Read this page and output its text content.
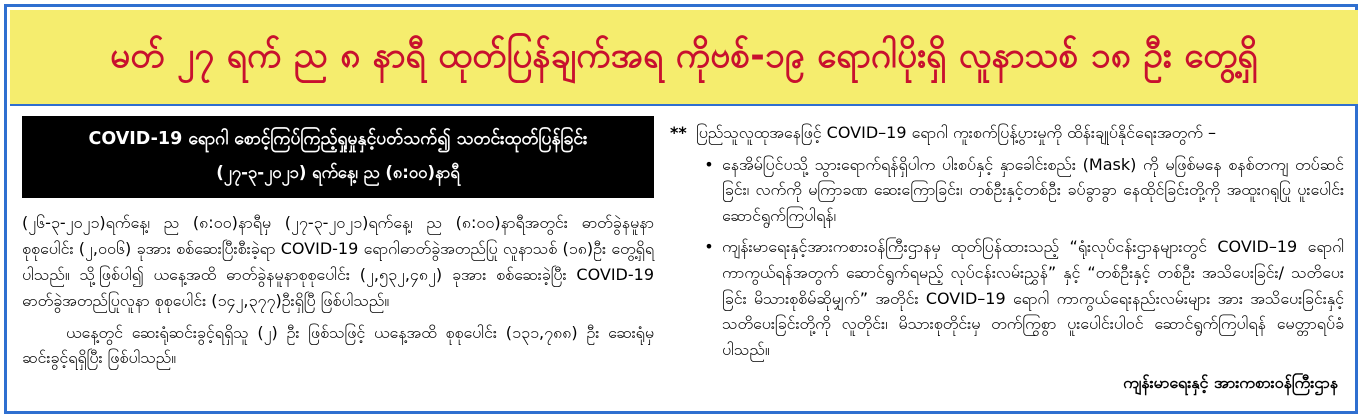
မတ် ၂၇ ရက် ည ၈ နာရီ ထုတ်ပြန်ချက်အရ ကိုဗစ်-၁၉ ရောဂါပိုးရှိ လူနာသစ် ၁၈ ဦး တွေ့ရှိ
COVID-19 ရောဂါ စောင့်ကြပ်ကြည့်ရှုမှုနှင့်ပတ်သက်၍ သတင်းထုတ်ပြန်ခြင်း
(၂၇-၃-၂၀၂၁) ရက်နေ့၊ ည (၈:၀၀)နာရီ

(၂၆-၃-၂၀၂၁)ရက်နေ့၊ ည (၈:၀၀)နာရီမှ (၂၇-၃-၂၀၂၁)ရက်နေ့၊ ည (၈:၀၀)နာရီအတွင်း ဓာတ်ခွဲနမူနာ စုစုပေါင်း (၂,၀၀၆) ခုအား စစ်ဆေးပြီးစီးခဲ့ရာ COVID-19 ရောဂါဓာတ်ခွဲအတည်ပြု လူနာသစ် (၁၈)ဦး တွေ့ရှိရပါသည်။ သို့ဖြစ်ပါ၍ ယနေ့အထိ ဓာတ်ခွဲနမူနာစုစုပေါင်း (၂,၅၃၂,၄၈၂) ခုအား စစ်ဆေးခဲ့ပြီး COVID-19 ဓာတ်ခွဲအတည်ပြုလူနာ စုစုပေါင်း (၁၄၂,၃၇၇)ဦးရှိပြီ ဖြစ်ပါသည်။

ယနေ့တွင် ဆေးရုံဆင်းခွင့်ရရှိသူ (၂) ဦး ဖြစ်သဖြင့် ယနေ့အထိ စုစုပေါင်း (၁၃၁,၇၈၈) ဦး ဆေးရုံမှ ဆင်းခွင့်ရရှိပြီး ဖြစ်ပါသည်။

** ပြည်သူလူထုအနေဖြင့် COVID–19 ရောဂါ ကူးစက်ပြန့်ပွားမှုကို ထိန်းချုပ်နိုင်ရေးအတွက် –
• နေအိမ်ပြင်ပသို့ သွားရောက်ရန်ရှိပါက ပါးစပ်နှင့် နှာခေါင်းစည်း (Mask) ကို မဖြစ်မနေ စနစ်တကျ တပ်ဆင်ခြင်း၊ လက်ကို မကြာခဏ ဆေးကြောခြင်း၊ တစ်ဦးနှင့်တစ်ဦး ခပ်ခွာခွာ နေထိုင်ခြင်းတို့ကို အထူးဂရုပြု ပူးပေါင်းဆောင်ရွက်ကြပါရန်၊
• ကျန်းမာရေးနှင့်အားကစားဝန်ကြီးဌာနမှ ထုတ်ပြန်ထားသည့် “ရုံးလုပ်ငန်းဌာနများတွင် COVID–19 ရောဂါကာကွယ်ရန်အတွက် ဆောင်ရွက်ရမည့် လုပ်ငန်းလမ်းညွှန်” နှင့် “တစ်ဦးနှင့် တစ်ဦး အသိပေးခြင်း/ သတိပေးခြင်း မိသားစုစိမ်ဆိုမျှက်” အတိုင်း COVID–19 ရောဂါ ကာကွယ်ရေးနည်းလမ်းများ အား အသိပေးခြင်းနှင့် သတိပေးခြင်းတို့ကို လူတိုင်း၊ မိသားစုတိုင်းမှ တက်ကြွစွာ ပူးပေါင်းပါဝင် ဆောင်ရွက်ကြပါရန် မေတ္တာရပ်ခံပါသည်။
ကျန်းမာရေးနှင့် အားကစားဝန်ကြီးဌာန
